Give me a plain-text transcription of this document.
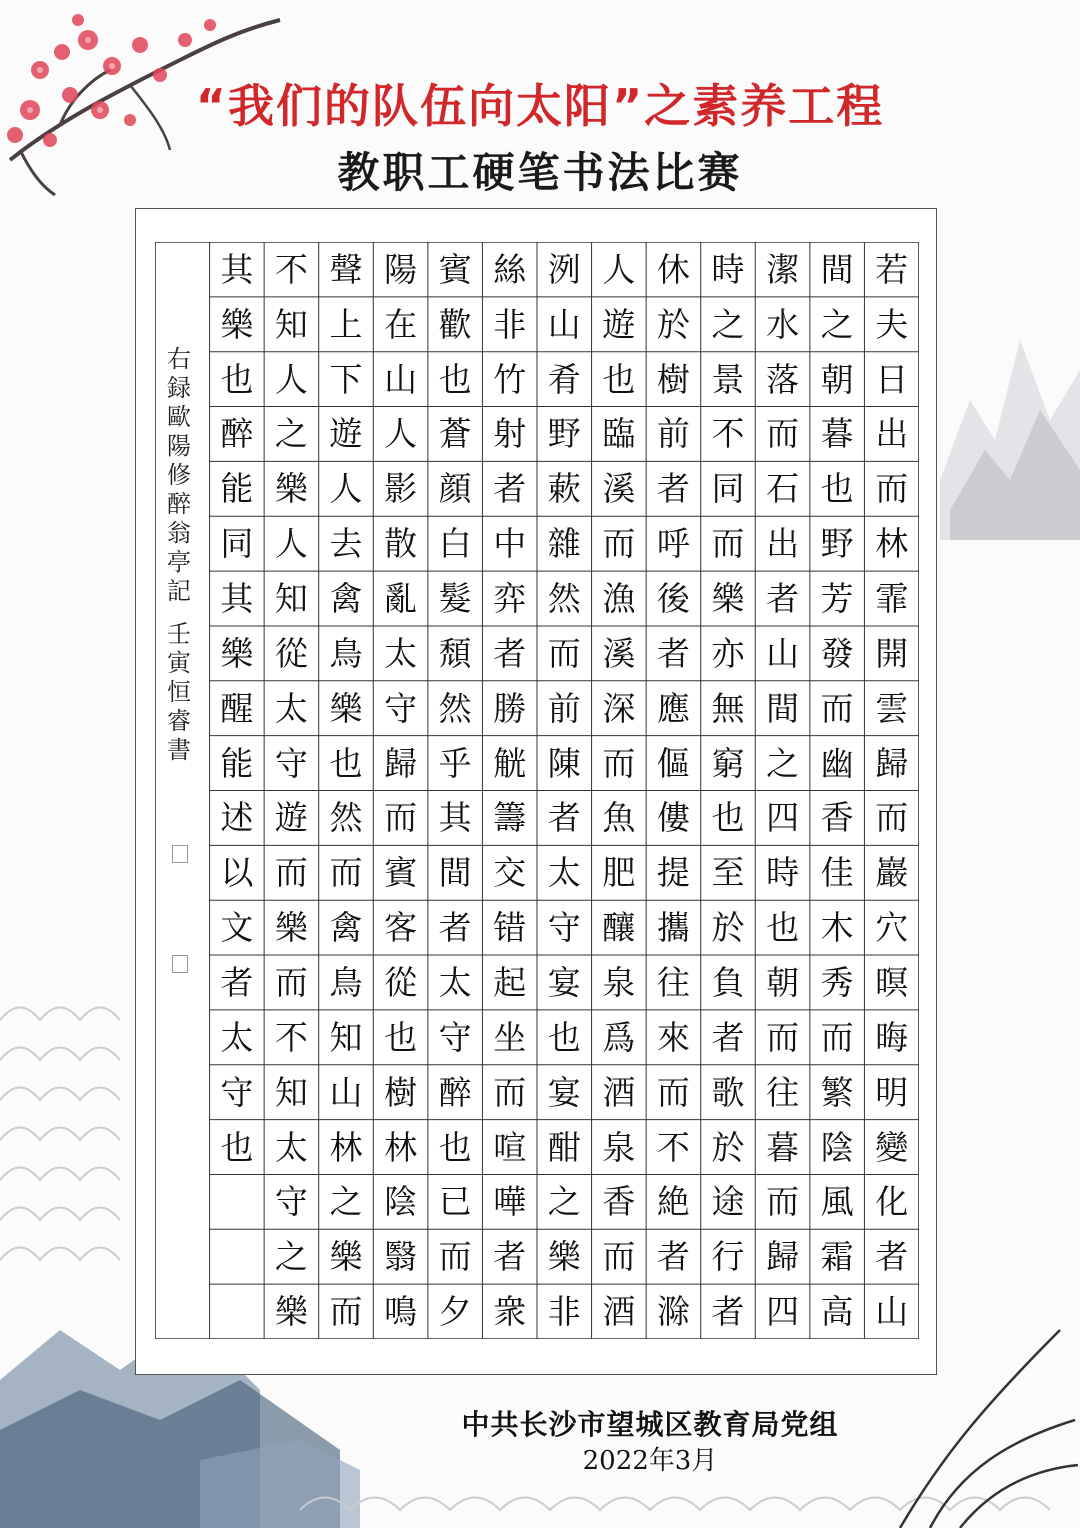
“我们的队伍向太阳”之素养工程
教职工硬笔书法比赛
若
夫
日
出
而
林
霏
開
雲
歸
而
巖
穴
暝
晦
明
變
化
者
山
間
之
朝
暮
也
野
芳
發
而
幽
香
佳
木
秀
而
繁
陰
風
霜
高
潔
水
落
而
石
出
者
山
間
之
四
時
也
朝
而
往
暮
而
歸
四
時
之
景
不
同
而
樂
亦
無
窮
也
至
於
負
者
歌
於
途
行
者
休
於
樹
前
者
呼
後
者
應
傴
僂
提
攜
往
來
而
不
絶
者
滁
人
遊
也
臨
溪
而
漁
溪
深
而
魚
肥
釀
泉
爲
酒
泉
香
而
酒
洌
山
肴
野
蔌
雜
然
而
前
陳
者
太
守
宴
也
宴
酣
之
樂
非
絲
非
竹
射
者
中
弈
者
勝
觥
籌
交
错
起
坐
而
喧
嘩
者
衆
賓
歡
也
蒼
顔
白
髮
頹
然
乎
其
間
者
太
守
醉
也
已
而
夕
陽
在
山
人
影
散
亂
太
守
歸
而
賓
客
從
也
樹
林
陰
翳
鳴
聲
上
下
遊
人
去
禽
鳥
樂
也
然
而
禽
鳥
知
山
林
之
樂
而
不
知
人
之
樂
人
知
從
太
守
遊
而
樂
而
不
知
太
守
之
樂
其
樂
也
醉
能
同
其
樂
醒
能
述
以
文
者
太
守
也
右
録
歐
陽
修
醉
翁
亭
記
壬
寅
恒
睿
書

中共长沙市望城区教育局党组

2022年3月
